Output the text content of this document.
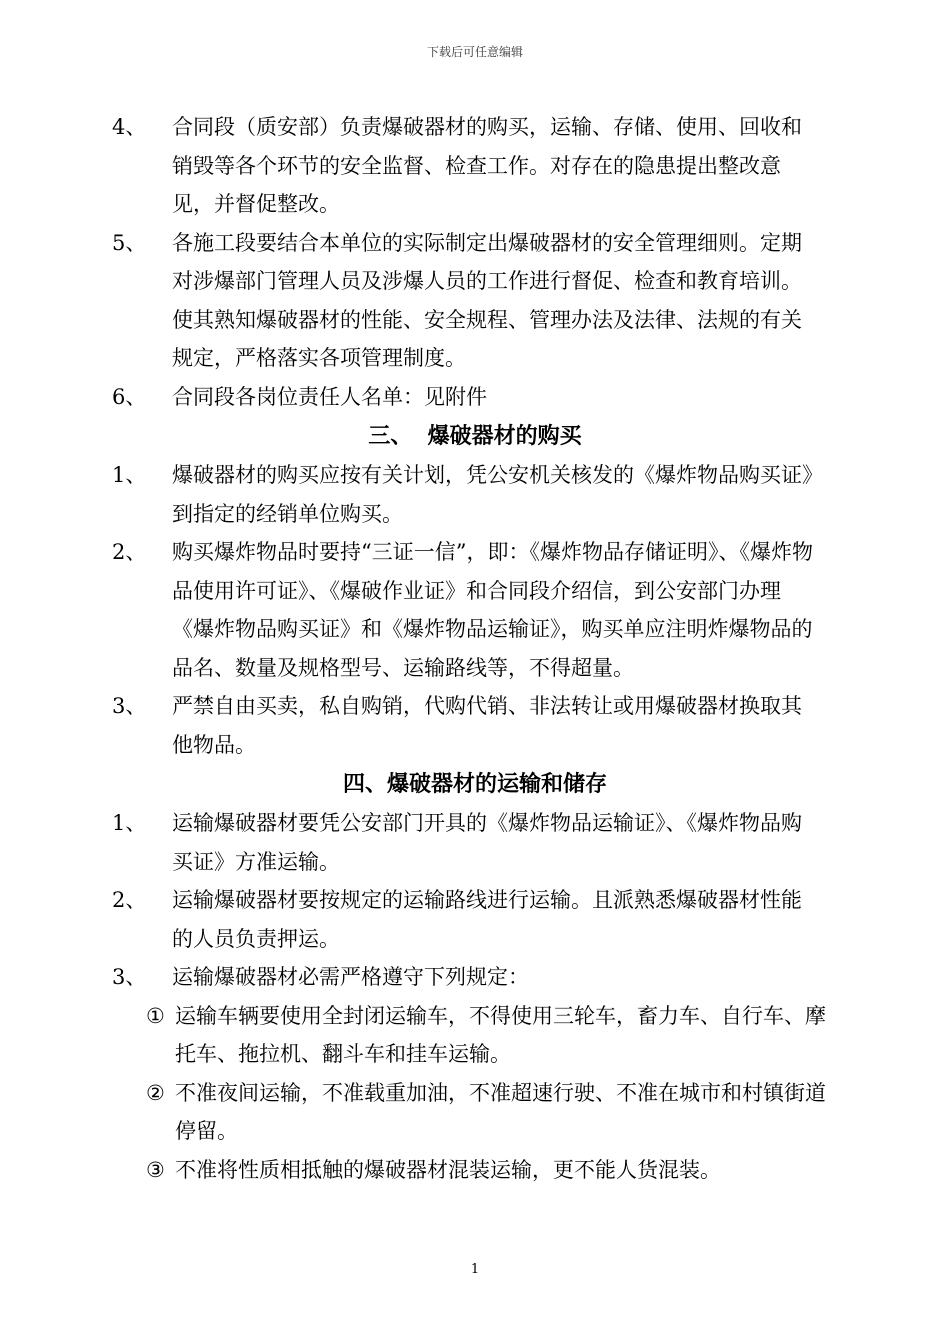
下载后可任意编辑
4、 合同段（质安部）负责爆破器材的购买，运输、存储、使用、回收和销毁等各个环节的安全监督、检查工作。对存在的隐患提出整改意见，并督促整改。
5、 各施工段要结合本单位的实际制定出爆破器材的安全管理细则。定期对涉爆部门管理人员及涉爆人员的工作进行督促、检查和教育培训。使其熟知爆破器材的性能、安全规程、管理办法及法律、法规的有关规定，严格落实各项管理制度。
6、 合同段各岗位责任人名单：见附件
三、  爆破器材的购买
1、 爆破器材的购买应按有关计划，凭公安机关核发的《爆炸物品购买证》到指定的经销单位购买。
2、 购买爆炸物品时要持“三证一信”，即：《爆炸物品存储证明》、《爆炸物品使用许可证》、《爆破作业证》和合同段介绍信，到公安部门办理《爆炸物品购买证》和《爆炸物品运输证》，购买单应注明炸爆物品的品名、数量及规格型号、运输路线等，不得超量。
3、 严禁自由买卖，私自购销，代购代销、非法转让或用爆破器材换取其他物品。
四、爆破器材的运输和储存
1、 运输爆破器材要凭公安部门开具的《爆炸物品运输证》、《爆炸物品购买证》方准运输。
2、 运输爆破器材要按规定的运输路线进行运输。且派熟悉爆破器材性能的人员负责押运。
3、 运输爆破器材必需严格遵守下列规定：
① 运输车辆要使用全封闭运输车，不得使用三轮车，畜力车、自行车、摩托车、拖拉机、翻斗车和挂车运输。
② 不准夜间运输，不准载重加油，不准超速行驶、不准在城市和村镇街道停留。
③ 不准将性质相抵触的爆破器材混装运输，更不能人货混装。
1
